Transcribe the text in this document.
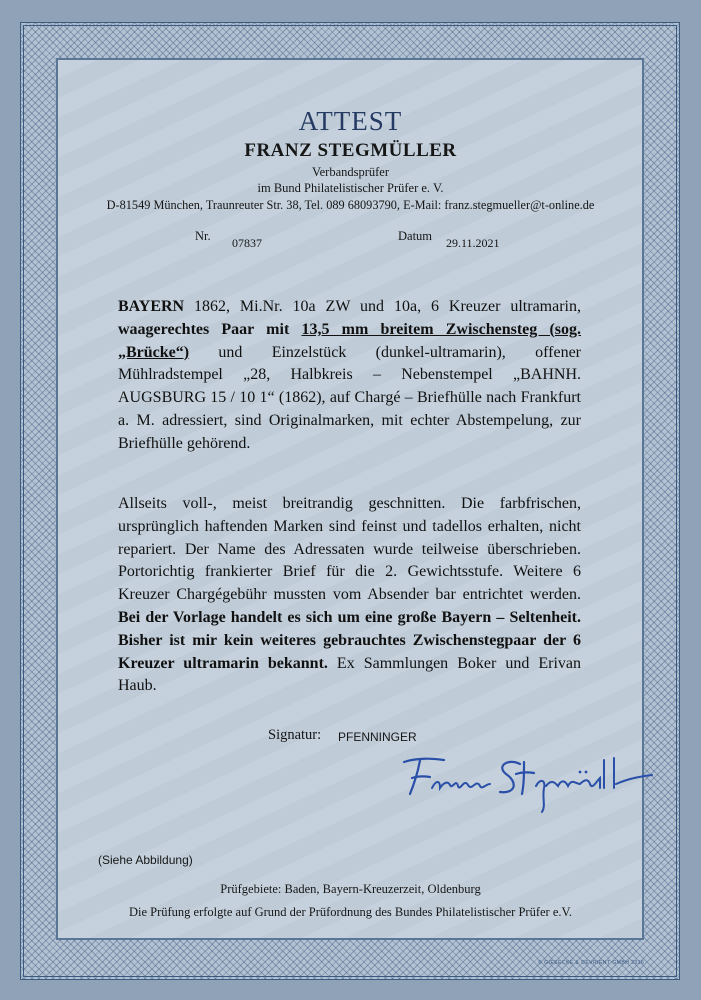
ATTEST
FRANZ STEGMÜLLER
Verbandsprüfer
im Bund Philatelistischer Prüfer e. V.
D-81549 München, Traunreuter Str. 38, Tel. 089 68093790, E-Mail: franz.stegmueller@t-online.de
Nr. 07837	Datum 29.11.2021
BAYERN 1862, Mi.Nr. 10a ZW und 10a, 6 Kreuzer ultramarin, waagerechtes Paar mit 13,5 mm breitem Zwischensteg (sog. „Brücke“) und Einzelstück (dunkel-ultramarin), offener Mühlradstempel „28, Halbkreis – Nebenstempel „BAHNH. AUGSBURG 15 / 10 1“ (1862), auf Chargé – Briefhülle nach Frankfurt a. M. adressiert, sind Originalmarken, mit echter Abstempelung, zur Briefhülle gehörend.
Allseits voll-, meist breitrandig geschnitten. Die farbfrischen, ursprünglich haftenden Marken sind feinst und tadellos erhalten, nicht repariert. Der Name des Adressaten wurde teilweise überschrieben. Portorichtig frankierter Brief für die 2. Gewichtsstufe. Weitere 6 Kreuzer Chargégebühr mussten vom Absender bar entrichtet werden. Bei der Vorlage handelt es sich um eine große Bayern – Seltenheit. Bisher ist mir kein weiteres gebrauchtes Zwischenstegpaar der 6 Kreuzer ultramarin bekannt. Ex Sammlungen Boker und Erivan Haub.
Signatur: PFENNINGER
(Siehe Abbildung)
Prüfgebiete: Baden, Bayern-Kreuzerzeit, Oldenburg
Die Prüfung erfolgte auf Grund der Prüfordnung des Bundes Philatelistischer Prüfer e.V.
© GIESECKE & DEVRIENT GMBH 2016
